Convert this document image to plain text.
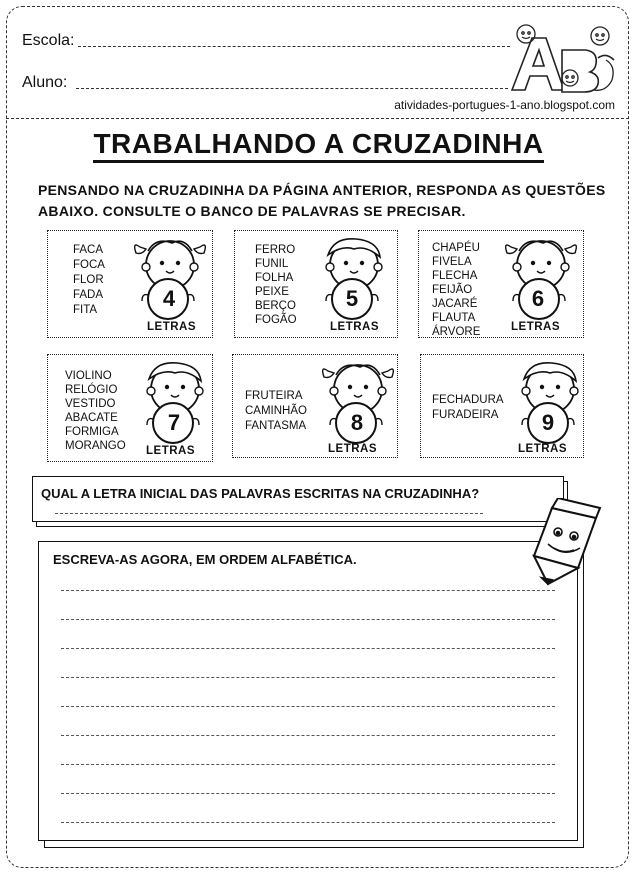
Escola:
Aluno:
atividades-portugues-1-ano.blogspot.com
TRABALHANDO A CRUZADINHA
PENSANDO NA CRUZADINHA DA PÁGINA ANTERIOR, RESPONDA AS QUESTÕES ABAIXO. CONSULTE O BANCO DE PALAVRAS SE PRECISAR.
FACA
FOCA
FLOR
FADA
FITA	4
LETRAS
FERRO
FUNIL
FOLHA
PEIXE
BERÇO
FOGÃO
5
LETRAS
CHAPÉU
FIVELA
FLECHA
FEIJÃO
JACARÉ
FLAUTA
ÁRVORE
6
LETRAS
VIOLINO
RELÓGIO
VESTIDO
ABACATE
FORMIGA
MORANGO
7
LETRAS
FRUTEIRA
CAMINHÃO
FANTASMA	8
LETRAS
FECHADURA
FURADEIRA	9
LETRAS
QUAL A LETRA INICIAL DAS PALAVRAS ESCRITAS NA CRUZADINHA?
ESCREVA-AS AGORA, EM ORDEM ALFABÉTICA.
